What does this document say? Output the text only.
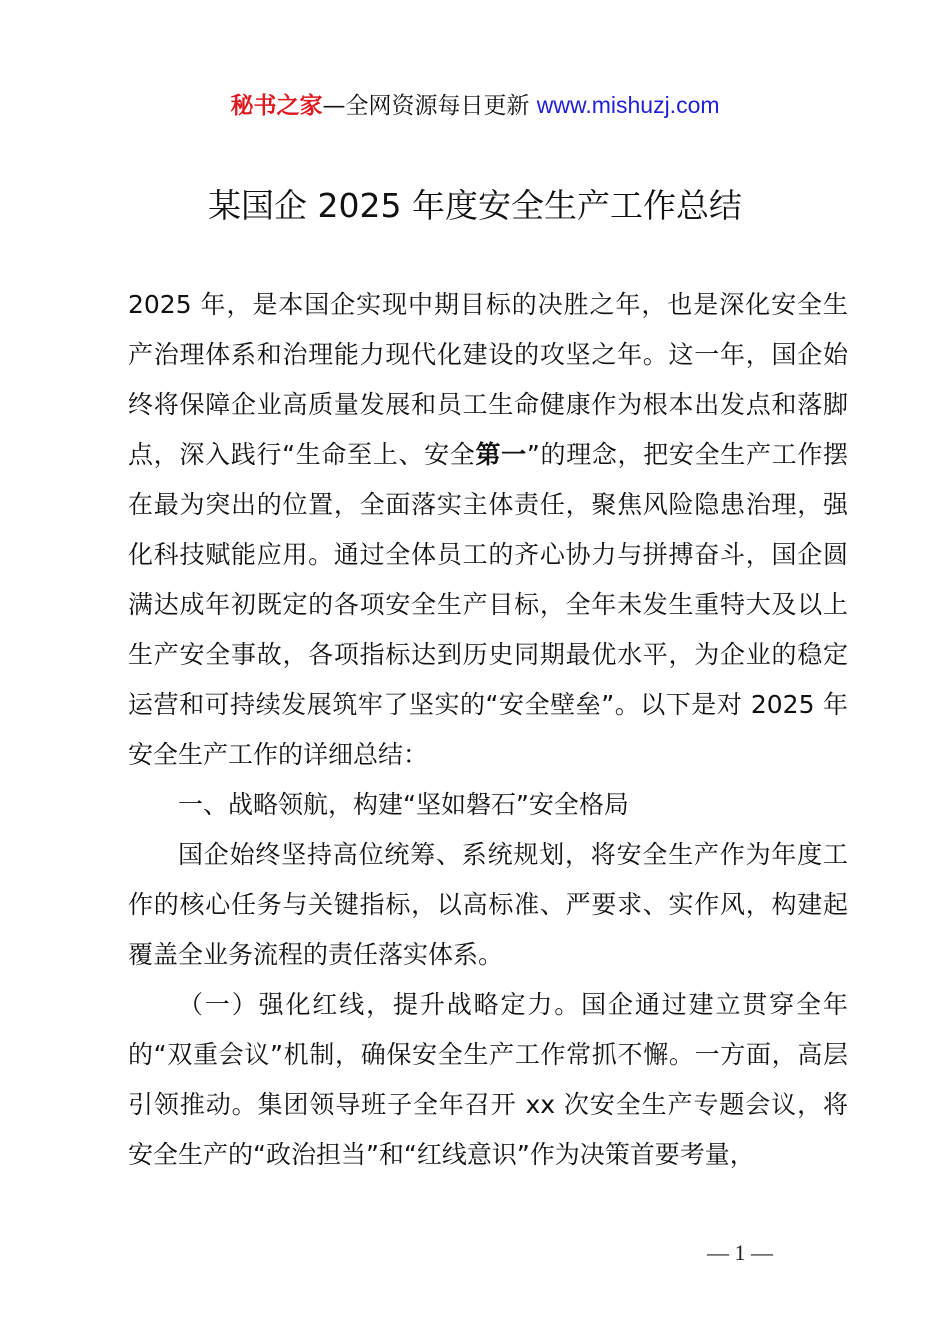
秘书之家—全网资源每日更新 www.mishuzj.com
某国企 2025 年度安全生产工作总结

2025 年，是本国企实现中期目标的决胜之年，也是深化安全生产治理体系和治理能力现代化建设的攻坚之年。这一年，国企始终将保障企业高质量发展和员工生命健康作为根本出发点和落脚点，深入践行“生命至上、安全第一”的理念，把安全生产工作摆在最为突出的位置，全面落实主体责任，聚焦风险隐患治理，强化科技赋能应用。通过全体员工的齐心协力与拼搏奋斗，国企圆满达成年初既定的各项安全生产目标，全年未发生重特大及以上生产安全事故，各项指标达到历史同期最优水平，为企业的稳定运营和可持续发展筑牢了坚实的“安全壁垒”。以下是对 2025 年安全生产工作的详细总结：

一、战略领航，构建“坚如磐石”安全格局

国企始终坚持高位统筹、系统规划，将安全生产作为年度工作的核心任务与关键指标，以高标准、严要求、实作风，构建起覆盖全业务流程的责任落实体系。

（一）强化红线，提升战略定力。国企通过建立贯穿全年的“双重会议”机制，确保安全生产工作常抓不懈。一方面，高层引领推动。集团领导班子全年召开 xx 次安全生产专题会议，将安全生产的“政治担当”和“红线意识”作为决策首要考量，

— 1 —
